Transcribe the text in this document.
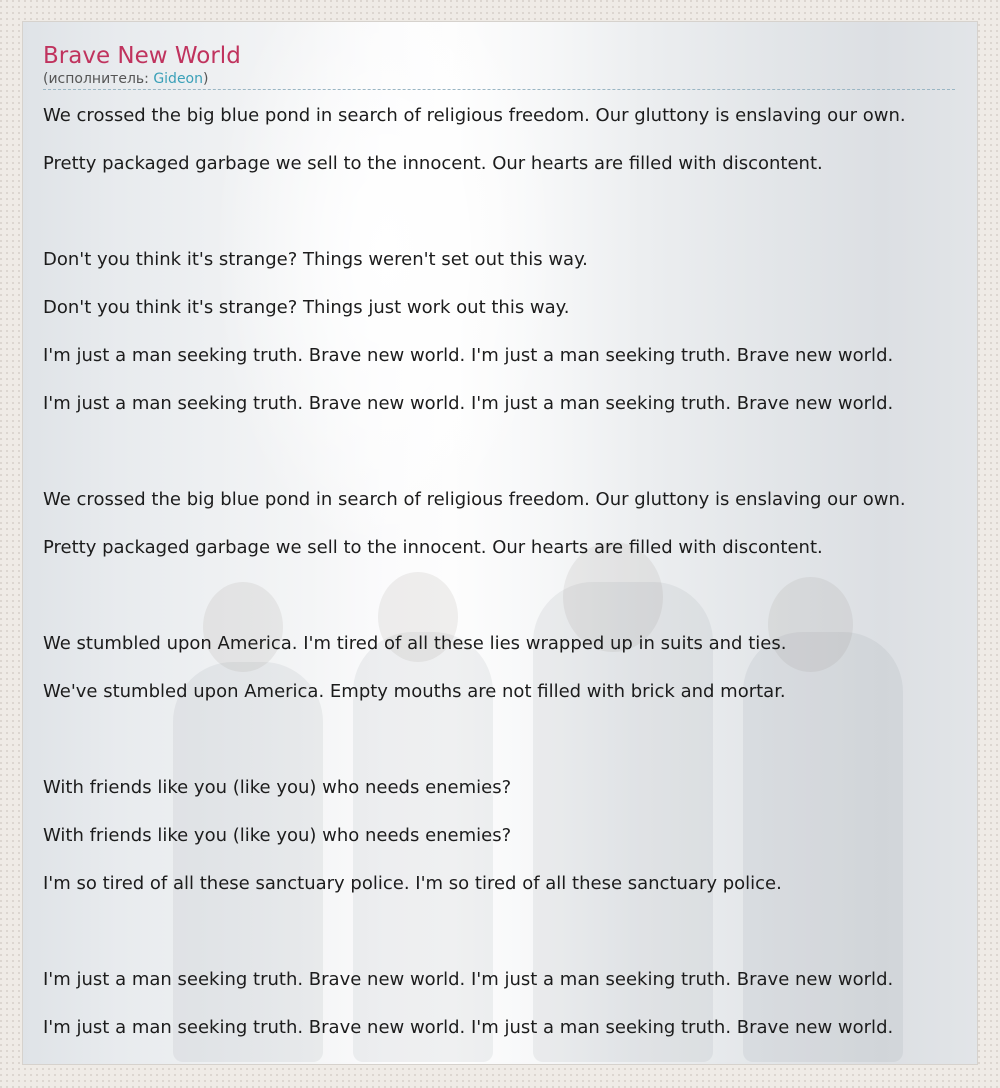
Brave New World
(исполнитель: Gideon)
We crossed the big blue pond in search of religious freedom. Our gluttony is enslaving our own.
Pretty packaged garbage we sell to the innocent. Our hearts are filled with discontent.
Don't you think it's strange? Things weren't set out this way.
Don't you think it's strange? Things just work out this way.
I'm just a man seeking truth. Brave new world. I'm just a man seeking truth. Brave new world.
I'm just a man seeking truth. Brave new world. I'm just a man seeking truth. Brave new world.
We crossed the big blue pond in search of religious freedom. Our gluttony is enslaving our own.
Pretty packaged garbage we sell to the innocent. Our hearts are filled with discontent.
We stumbled upon America. I'm tired of all these lies wrapped up in suits and ties.
We've stumbled upon America. Empty mouths are not filled with brick and mortar.
With friends like you (like you) who needs enemies?
With friends like you (like you) who needs enemies?
I'm so tired of all these sanctuary police. I'm so tired of all these sanctuary police.
I'm just a man seeking truth. Brave new world. I'm just a man seeking truth. Brave new world.
I'm just a man seeking truth. Brave new world. I'm just a man seeking truth. Brave new world.
